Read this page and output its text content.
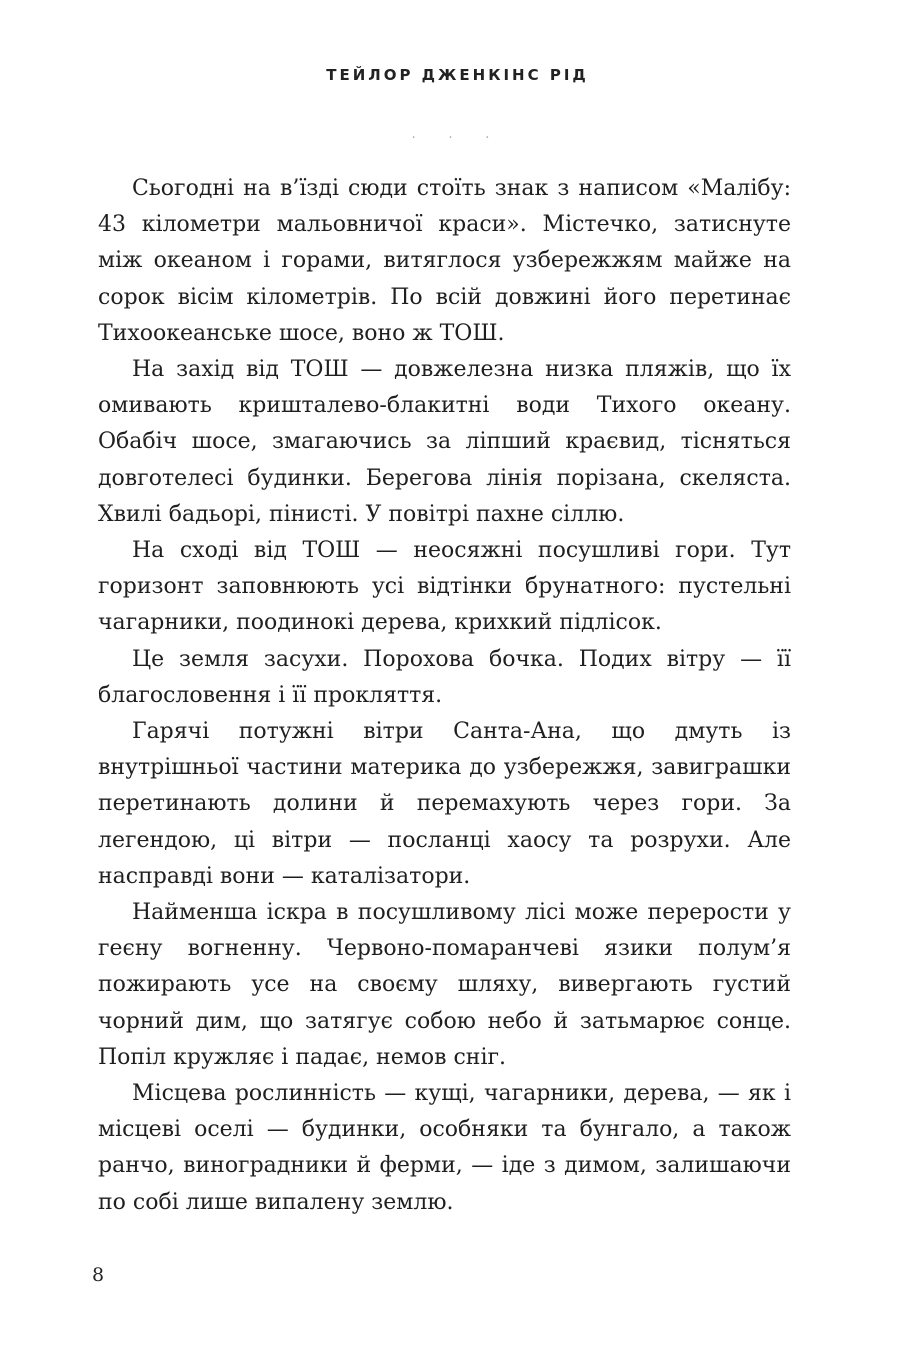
ТЕЙЛОР ДЖЕНКІНС РІД
· · ·

Сьогодні на в’їзді сюди стоїть знак з написом «Малібу: 43 кілометри мальовничої краси». Містечко, затиснуте між океаном і горами, витяглося узбережжям майже на сорок вісім кілометрів. По всій довжині його перетинає Тихоокеанське шосе, воно ж ТОШ.

На захід від ТОШ — довжелезна низка пляжів, що їх омивають кришталево-блакитні води Тихого океану. Обабіч шосе, змагаючись за ліпший краєвид, тісняться довготелесі будинки. Берегова лінія порізана, скеляста. Хвилі бадьорі, пінисті. У повітрі пахне сіллю.

На сході від ТОШ — неосяжні посушливі гори. Тут горизонт заповнюють усі відтінки брунатного: пустельні чагарники, поодинокі дерева, крихкий підлісок.

Це земля засухи. Порохова бочка. Подих вітру — її благословення і її прокляття.

Гарячі потужні вітри Санта-Ана, що дмуть із внутрішньої частини материка до узбережжя, завиграшки перетинають долини й перемахують через гори. За легендою, ці вітри — посланці хаосу та розрухи. Але насправді вони — каталізатори.

Найменша іскра в посушливому лісі може перерости у геєну вогненну. Червоно-помаранчеві язики полум’я пожирають усе на своєму шляху, вивергають густий чорний дим, що затягує собою небо й затьмарює сонце. Попіл кружляє і падає, немов сніг.

Місцева рослинність — кущі, чагарники, дерева, — як і місцеві оселі — будинки, особняки та бунгало, а також ранчо, виноградники й ферми, — іде з димом, залишаючи по собі лише випалену землю.

8
